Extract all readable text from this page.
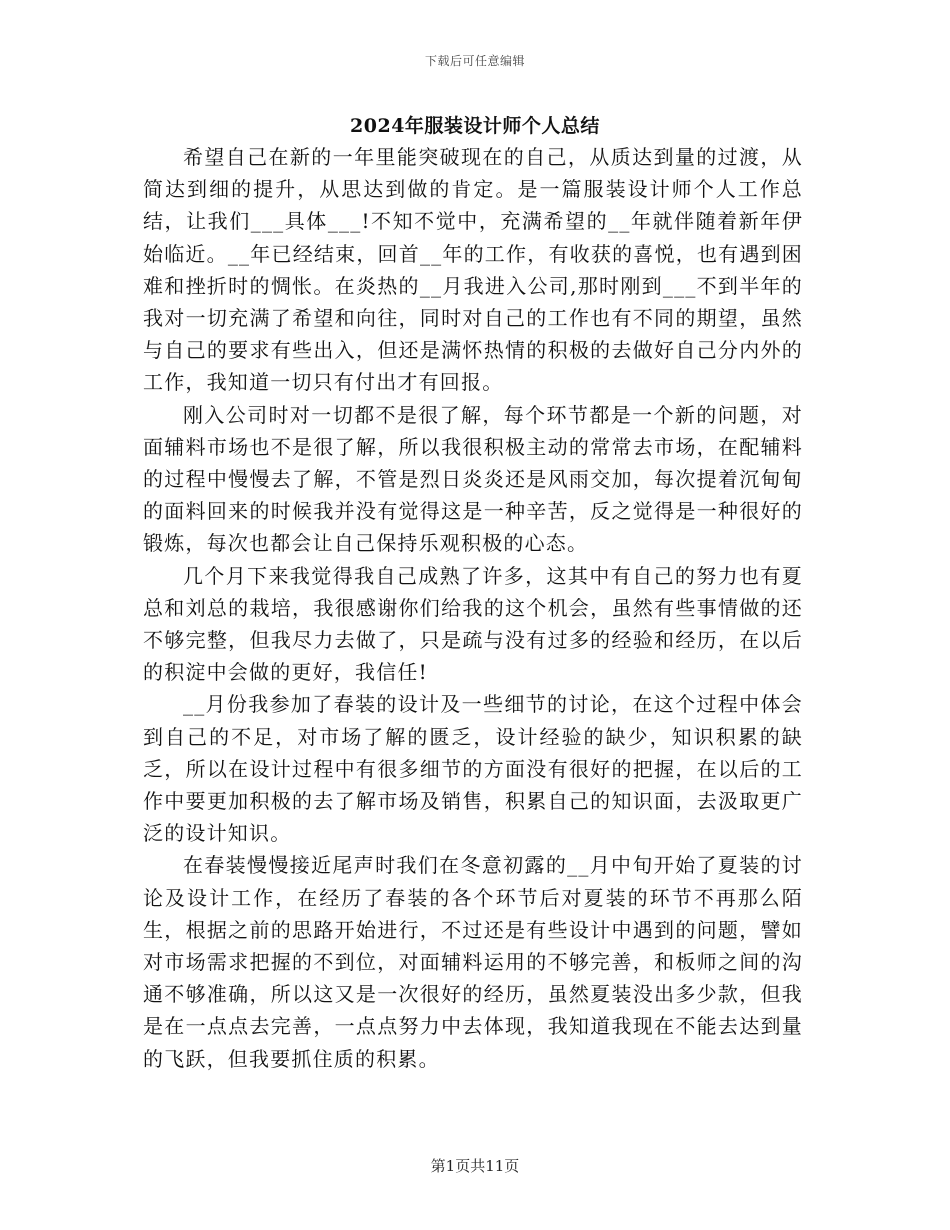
下载后可任意编辑
2024年服装设计师个人总结

希望自己在新的一年里能突破现在的自己，从质达到量的过渡，从简达到细的提升，从思达到做的肯定。是一篇服装设计师个人工作总结，让我们___具体___!不知不觉中，充满希望的__年就伴随着新年伊始临近。__年已经结束，回首__年的工作，有收获的喜悦，也有遇到困难和挫折时的惆怅。在炎热的__月我进入公司,那时刚到___不到半年的我对一切充满了希望和向往，同时对自己的工作也有不同的期望，虽然与自己的要求有些出入，但还是满怀热情的积极的去做好自己分内外的工作，我知道一切只有付出才有回报。

刚入公司时对一切都不是很了解，每个环节都是一个新的问题，对面辅料市场也不是很了解，所以我很积极主动的常常去市场，在配辅料的过程中慢慢去了解，不管是烈日炎炎还是风雨交加，每次提着沉甸甸的面料回来的时候我并没有觉得这是一种辛苦，反之觉得是一种很好的锻炼，每次也都会让自己保持乐观积极的心态。

几个月下来我觉得我自己成熟了许多，这其中有自己的努力也有夏总和刘总的栽培，我很感谢你们给我的这个机会，虽然有些事情做的还不够完整，但我尽力去做了，只是疏与没有过多的经验和经历，在以后的积淀中会做的更好，我信任!

__月份我参加了春装的设计及一些细节的讨论，在这个过程中体会到自己的不足，对市场了解的匮乏，设计经验的缺少，知识积累的缺乏，所以在设计过程中有很多细节的方面没有很好的把握，在以后的工作中要更加积极的去了解市场及销售，积累自己的知识面，去汲取更广泛的设计知识。

在春装慢慢接近尾声时我们在冬意初露的__月中旬开始了夏装的讨论及设计工作，在经历了春装的各个环节后对夏装的环节不再那么陌生，根据之前的思路开始进行，不过还是有些设计中遇到的问题，譬如对市场需求把握的不到位，对面辅料运用的不够完善，和板师之间的沟通不够准确，所以这又是一次很好的经历，虽然夏装没出多少款，但我是在一点点去完善，一点点努力中去体现，我知道我现在不能去达到量的飞跃，但我要抓住质的积累。

第1页共11页
